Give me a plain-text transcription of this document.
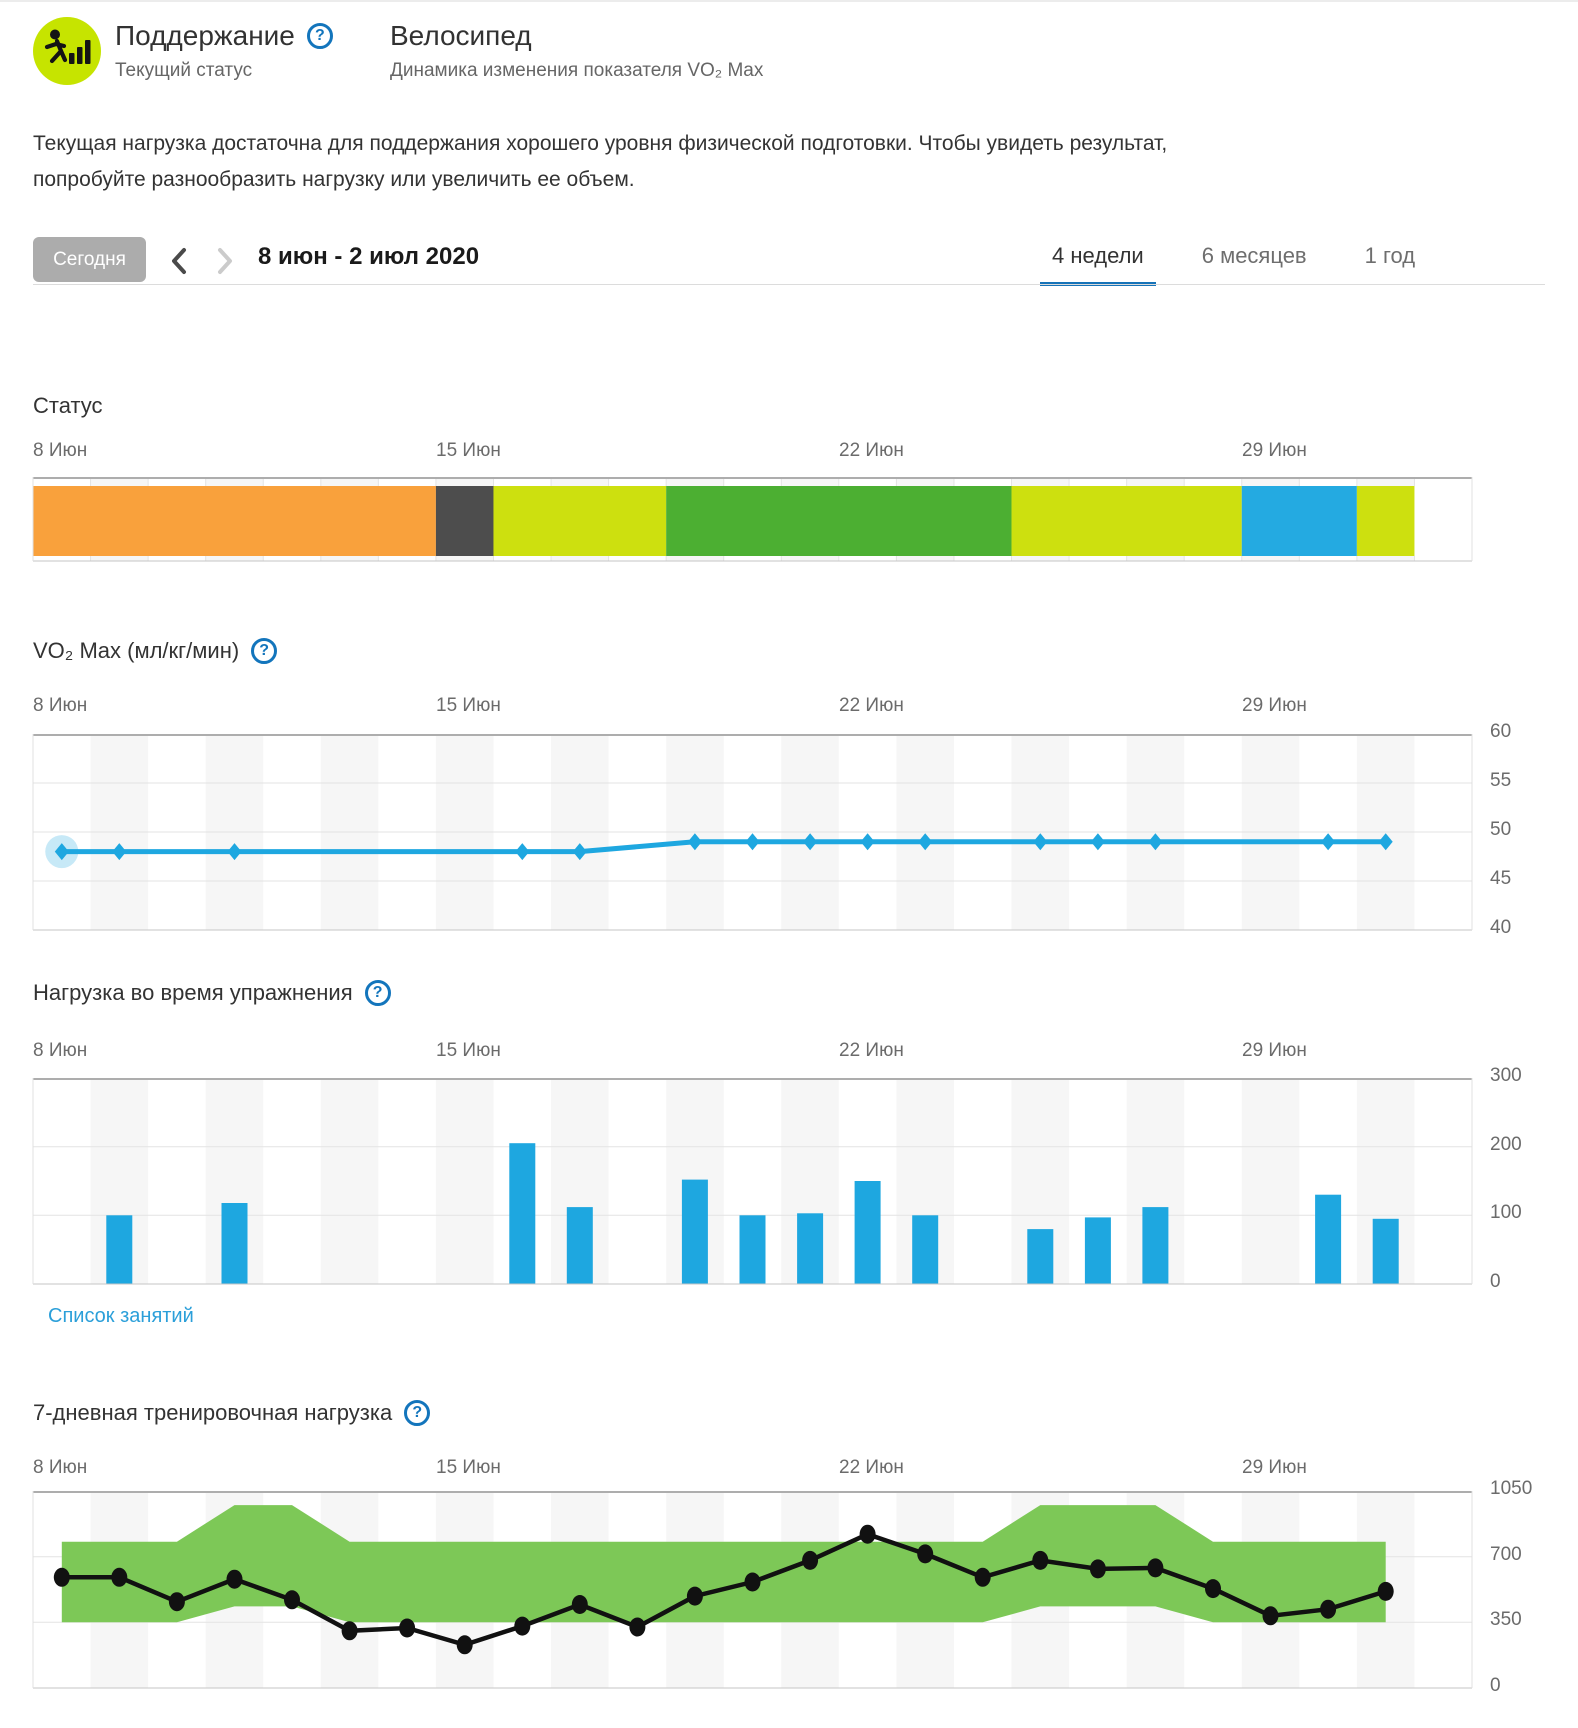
Поддержание	?
Текущий статус
Велосипед
Динамика изменения показателя VO₂ Max

Текущая нагрузка достаточна для поддержания хорошего уровня физической подготовки. Чтобы увидеть результат, попробуйте разнообразить нагрузку или увеличить ее объем.

Сегодня	8 июн - 2 июл 2020	4 недели	6 месяцев	1 год
Статус
VO₂ Max (мл/кг/мин)	?
Нагрузка во время упражнения	?
7-дневная тренировочная нагрузка	?
Список занятий
8 Июн	15 Июн	22 Июн	29 Июн
8 Июн	15 Июн	22 Июн	29 Июн
60
55
50
45
40
8 Июн	15 Июн	22 Июн	29 Июн
300
200
100
0
8 Июн	15 Июн	22 Июн	29 Июн
1050
700
350
0
